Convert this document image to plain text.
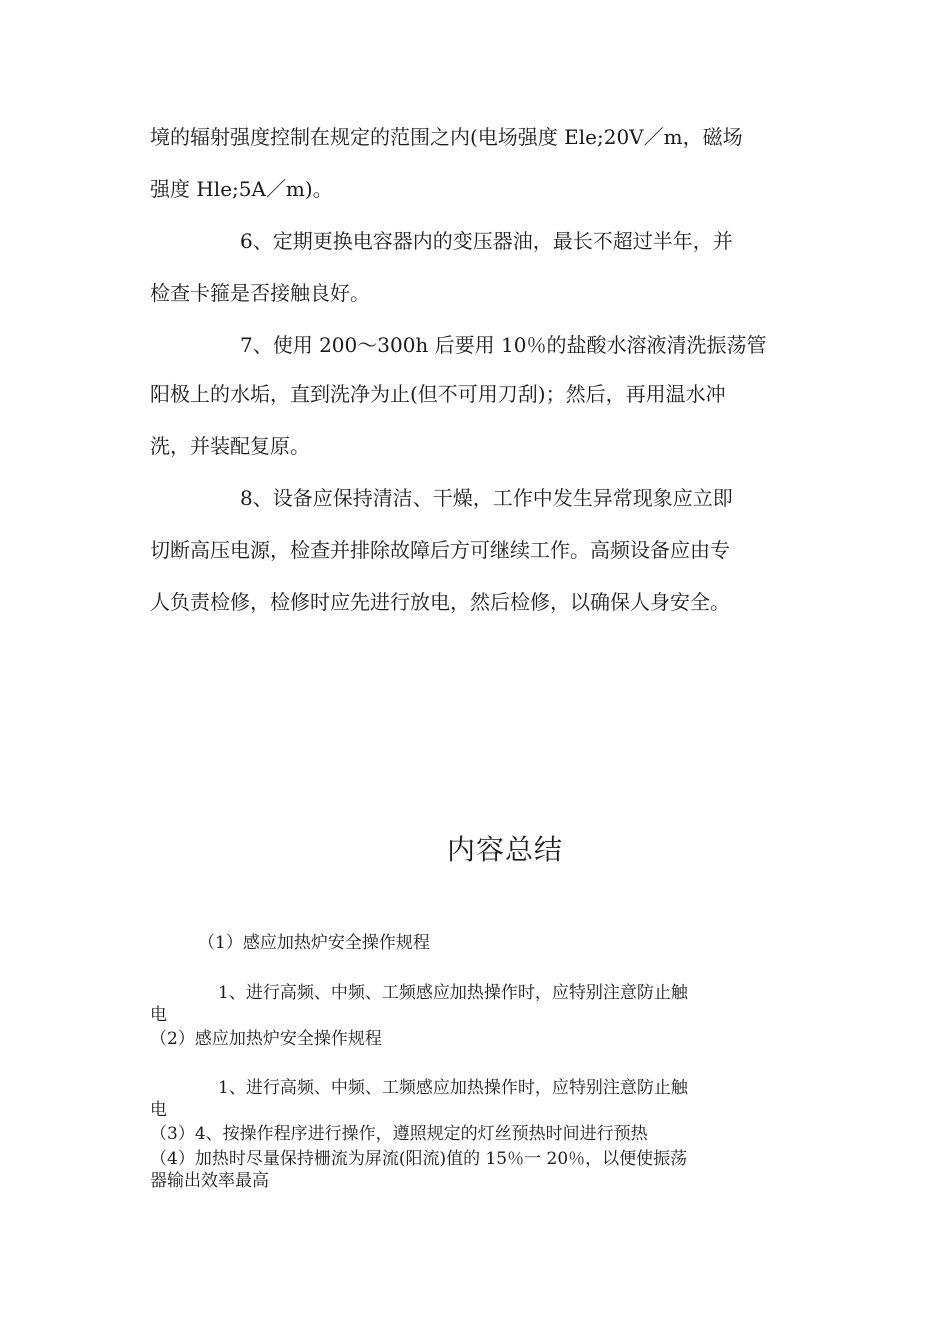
境的辐射强度控制在规定的范围之内(电场强度 Ele;20V／m，磁场
强度 Hle;5A／m)。
6、定期更换电容器内的变压器油，最长不超过半年，并
检查卡箍是否接触良好。
7、使用 200～300h 后要用 10％的盐酸水溶液清洗振荡管
阳极上的水垢，直到洗净为止(但不可用刀刮)；然后，再用温水冲
洗，并装配复原。
8、设备应保持清洁、干燥，工作中发生异常现象应立即
切断高压电源，检查并排除故障后方可继续工作。高频设备应由专
人负责检修，检修时应先进行放电，然后检修，以确保人身安全。
内容总结
（1）感应加热炉安全操作规程
1、进行高频、中频、工频感应加热操作时，应特别注意防止触
电
（2）感应加热炉安全操作规程
1、进行高频、中频、工频感应加热操作时，应特别注意防止触
电
（3）4、按操作程序进行操作，遵照规定的灯丝预热时间进行预热
（4）加热时尽量保持栅流为屏流(阳流)值的 15％一 20％，以便使振荡
器输出效率最高
